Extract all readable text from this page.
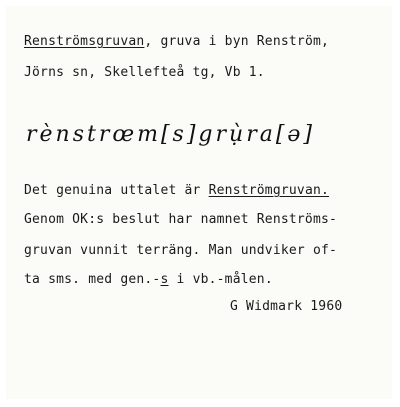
Renströmsgruvan, gruva i byn Renström,
Jörns sn, Skellefteå tg, Vb 1.
rènstrœm[s]grụ̀ra[ə]
Det genuina uttalet är Renströmgruvan.
Genom OK:s beslut har namnet Renströms-
gruvan vunnit terräng. Man undviker of-
ta sms. med gen.-s i vb.-målen.
G Widmark 1960
